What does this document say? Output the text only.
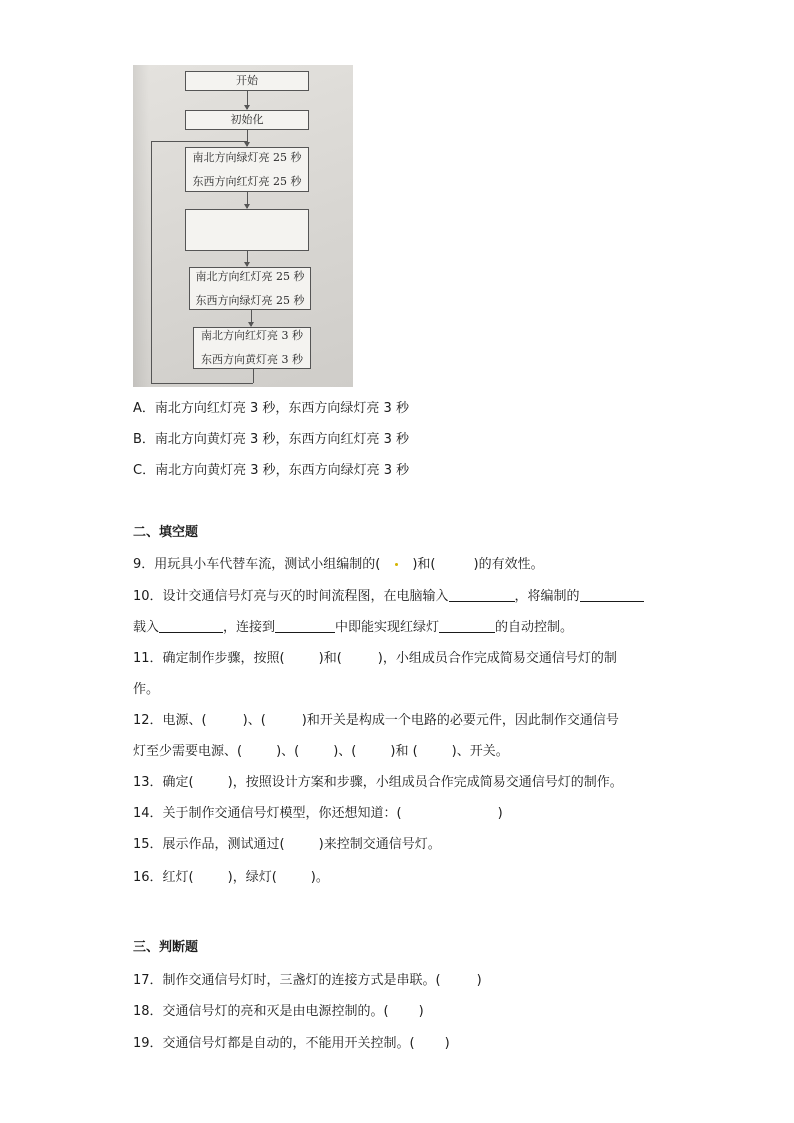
开始
初始化
南北方向绿灯亮 25 秒
东西方向红灯亮 25 秒
南北方向红灯亮 25 秒
东西方向绿灯亮 25 秒
南北方向红灯亮 3 秒
东西方向黄灯亮 3 秒
A．南北方向红灯亮 3 秒，东西方向绿灯亮 3 秒
B．南北方向黄灯亮 3 秒，东西方向红灯亮 3 秒
C．南北方向黄灯亮 3 秒，东西方向绿灯亮 3 秒
二、填空题
9．用玩具小车代替车流，测试小组编制的( )和(	)的有效性。
10．设计交通信号灯亮与灭的时间流程图，在电脑输入	，将编制的
载入	，连接到	中即能实现红绿灯	的自动控制。
11．确定制作步骤，按照(	)和(	)，小组成员合作完成简易交通信号灯的制
作。
12．电源、(	)、(	)和开关是构成一个电路的必要元件，因此制作交通信号
灯至少需要电源、(	)、(	)、(	)和 (	)、开关。
13．确定(	)，按照设计方案和步骤，小组成员合作完成简易交通信号灯的制作。
14．关于制作交通信号灯模型，你还想知道：(	)
15．展示作品，测试通过(	)来控制交通信号灯。
16．红灯(	)，绿灯(	)。
三、判断题
17．制作交通信号灯时，三盏灯的连接方式是串联。(	)
18．交通信号灯的亮和灭是由电源控制的。( )
19．交通信号灯都是自动的，不能用开关控制。( )
